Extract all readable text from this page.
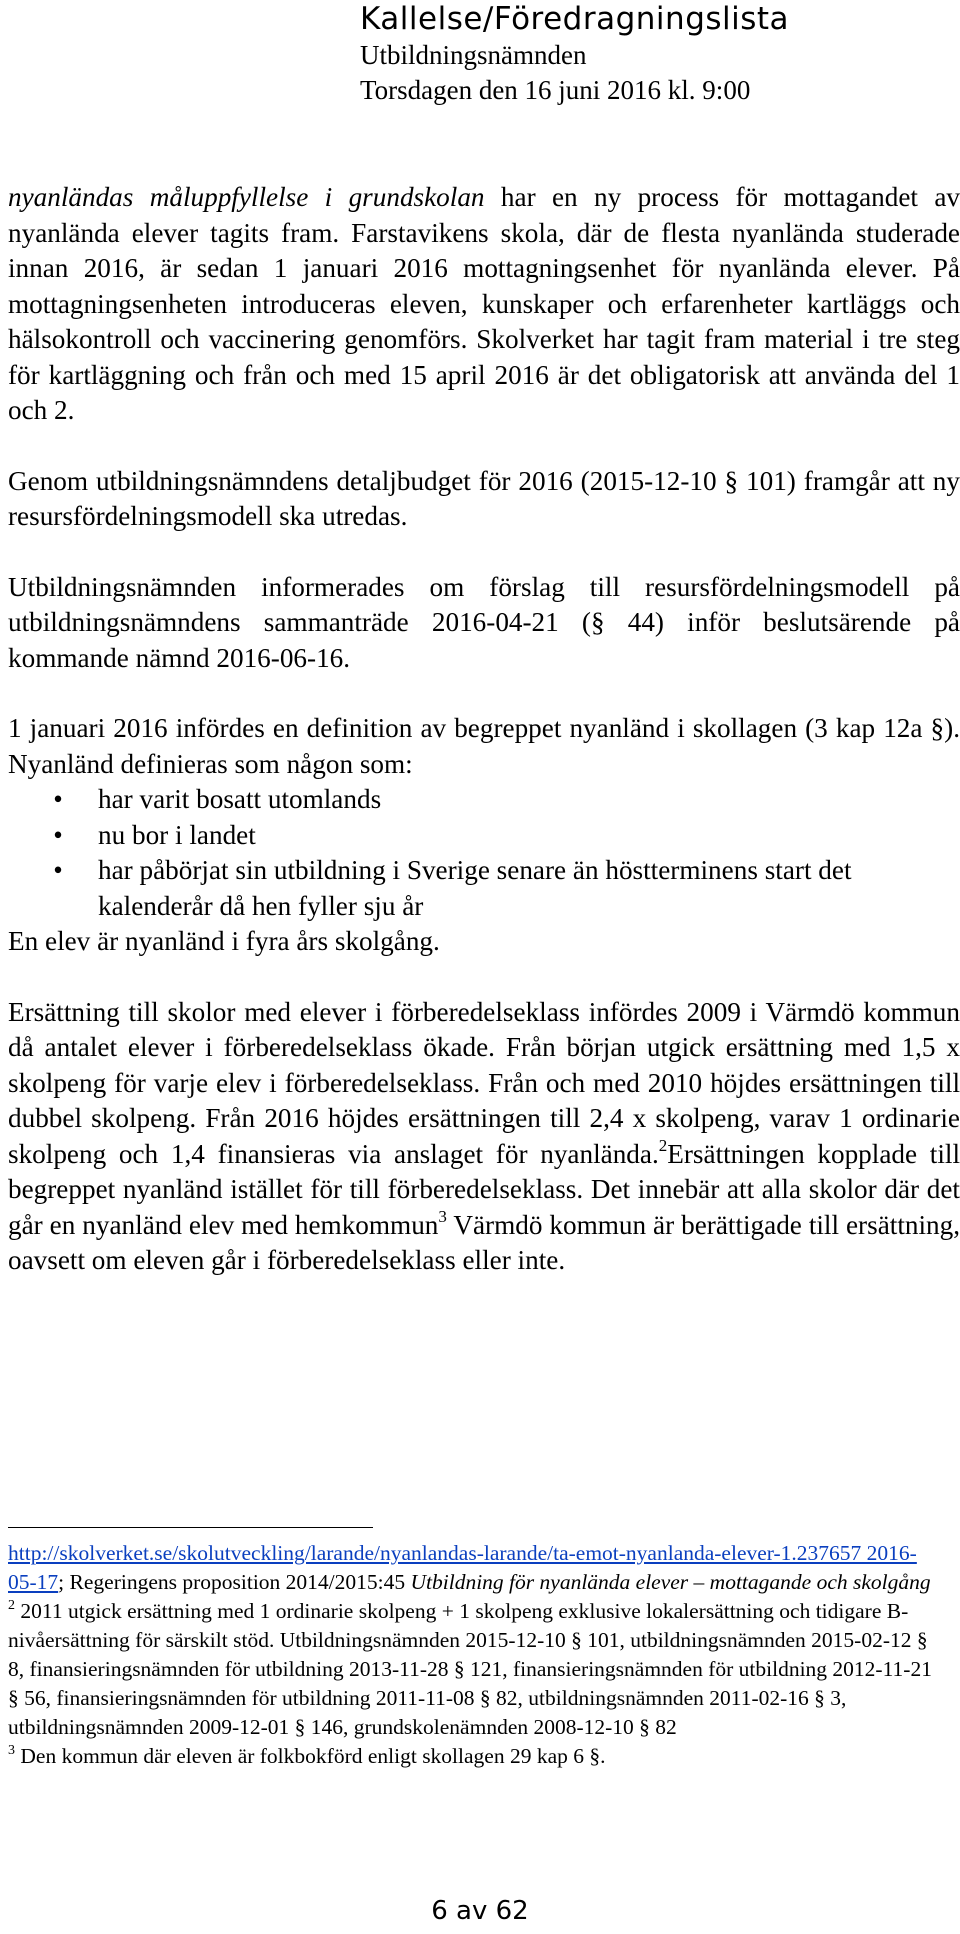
Kallelse/Föredragningslista
Utbildningsnämnden
Torsdagen den 16 juni 2016 kl. 9:00

nyanländas måluppfyllelse i grundskolan har en ny process för mottagandet av nyanlända elever tagits fram. Farstavikens skola, där de flesta nyanlända studerade innan 2016, är sedan 1 januari 2016 mottagningsenhet för nyanlända elever. På mottagningsenheten introduceras eleven, kunskaper och erfarenheter kartläggs och hälsokontroll och vaccinering genomförs. Skolverket har tagit fram material i tre steg för kartläggning och från och med 15 april 2016 är det obligatorisk att använda del 1 och 2.

Genom utbildningsnämndens detaljbudget för 2016 (2015-12-10 § 101) framgår att ny resursfördelningsmodell ska utredas.

Utbildningsnämnden informerades om förslag till resursfördelningsmodell på utbildningsnämndens sammanträde 2016-04-21 (§ 44) inför beslutsärende på kommande nämnd 2016-06-16.

1 januari 2016 infördes en definition av begreppet nyanländ i skollagen (3 kap 12a §). Nyanländ definieras som någon som:

• har varit bosatt utomlands
• nu bor i landet
• har påbörjat sin utbildning i Sverige senare än höstterminens start det kalenderår då hen fyller sju år

En elev är nyanländ i fyra års skolgång.

Ersättning till skolor med elever i förberedelseklass infördes 2009 i Värmdö kommun då antalet elever i förberedelseklass ökade. Från början utgick ersättning med 1,5 x skolpeng för varje elev i förberedelseklass. Från och med 2010 höjdes ersättningen till dubbel skolpeng. Från 2016 höjdes ersättningen till 2,4 x skolpeng, varav 1 ordinarie skolpeng och 1,4 finansieras via anslaget för nyanlända.$^2$Ersättningen kopplade till begreppet nyanländ istället för till förberedelseklass. Det innebär att alla skolor där det går en nyanländ elev med hemkommun$^3$ Värmdö kommun är berättigade till ersättning, oavsett om eleven går i förberedelseklass eller inte.

http://skolverket.se/skolutveckling/larande/nyanlandas-larande/ta-emot-nyanlanda-elever-1.237657 2016-05-17; Regeringens proposition 2014/2015:45 Utbildning för nyanlända elever – mottagande och skolgång

$^2$ 2011 utgick ersättning med 1 ordinarie skolpeng + 1 skolpeng exklusive lokalersättning och tidigare B-nivåersättning för särskilt stöd. Utbildningsnämnden 2015-12-10 § 101, utbildningsnämnden 2015-02-12 § 8, finansieringsnämnden för utbildning 2013-11-28 § 121, finansieringsnämnden för utbildning 2012-11-21 § 56, finansieringsnämnden för utbildning 2011-11-08 § 82, utbildningsnämnden 2011-02-16 § 3, utbildningsnämnden 2009-12-01 § 146, grundskolenämnden 2008-12-10 § 82

$^3$ Den kommun där eleven är folkbokförd enligt skollagen 29 kap 6 §.

6 av 62
